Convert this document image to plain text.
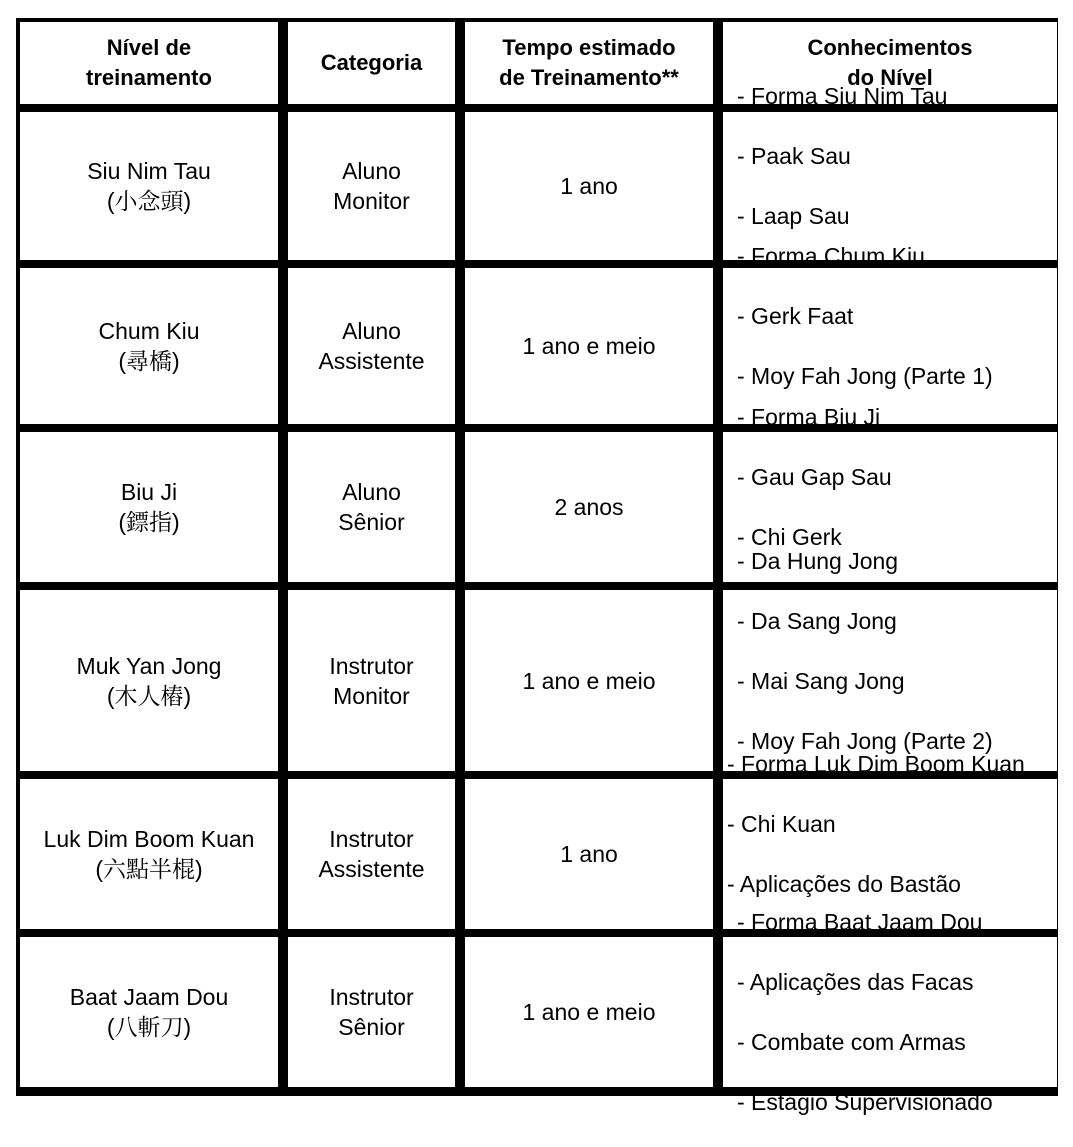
Nível de
treinamento
Categoria
Tempo estimado
de Treinamento**
Conhecimentos
do Nível
Siu Nim Tau
(小念頭)
Aluno
Monitor
1 ano

- Forma Siu Nim Tau

- Paak Sau

- Laap Sau

Chum Kiu
(尋橋)
Aluno
Assistente
1 ano e meio

- Forma Chum Kiu

- Gerk Faat

- Moy Fah Jong (Parte 1)

Biu Ji
(鏢指)
Aluno
Sênior
2 anos

- Forma Biu Ji

- Gau Gap Sau

- Chi Gerk

Muk Yan Jong
(木人樁)
Instrutor
Monitor
1 ano e meio

- Da Hung Jong

- Da Sang Jong

- Mai Sang Jong

- Moy Fah Jong (Parte 2)

Luk Dim Boom Kuan
(六點半棍)
Instrutor
Assistente
1 ano

- Forma Luk Dim Boom Kuan

- Chi Kuan

- Aplicações do Bastão

Baat Jaam Dou
(八斬刀)
Instrutor
Sênior
1 ano e meio

- Forma Baat Jaam Dou

- Aplicações das Facas

- Combate com Armas

- Estágio Supervisionado
